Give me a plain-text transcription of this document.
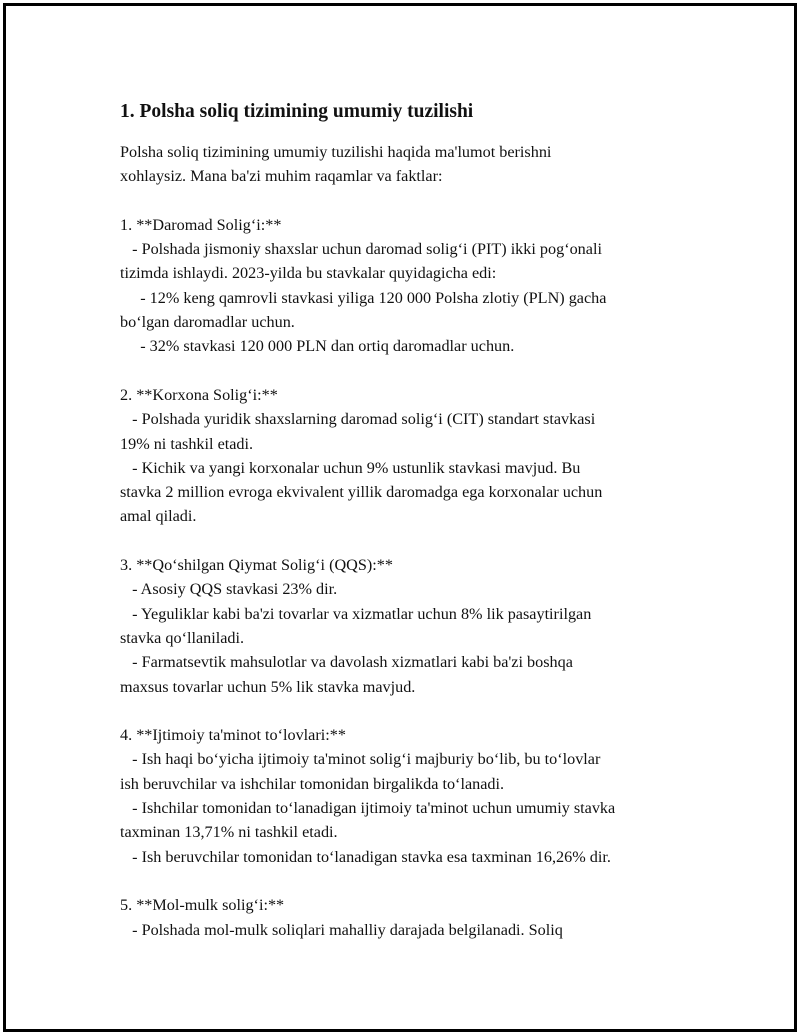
1. Polsha soliq tizimining umumiy tuzilishi

Polsha soliq tizimining umumiy tuzilishi haqida ma'lumot berishni
xohlaysiz. Mana ba'zi muhim raqamlar va faktlar:

1. **Daromad Solig‘i:**

- Polshada jismoniy shaxslar uchun daromad solig‘i (PIT) ikki pog‘onali
tizimda ishlaydi. 2023-yilda bu stavkalar quyidagicha edi:
- 12% keng qamrovli stavkasi yiliga 120 000 Polsha zlotiy (PLN) gacha
bo‘lgan daromadlar uchun.
- 32% stavkasi 120 000 PLN dan ortiq daromadlar uchun.

2. **Korxona Solig‘i:**

- Polshada yuridik shaxslarning daromad solig‘i (CIT) standart stavkasi
19% ni tashkil etadi.
- Kichik va yangi korxonalar uchun 9% ustunlik stavkasi mavjud. Bu
stavka 2 million evroga ekvivalent yillik daromadga ega korxonalar uchun
amal qiladi.

3. **Qo‘shilgan Qiymat Solig‘i (QQS):**

- Asosiy QQS stavkasi 23% dir.
- Yeguliklar kabi ba'zi tovarlar va xizmatlar uchun 8% lik pasaytirilgan
stavka qo‘llaniladi.
- Farmatsevtik mahsulotlar va davolash xizmatlari kabi ba'zi boshqa
maxsus tovarlar uchun 5% lik stavka mavjud.

4. **Ijtimoiy ta'minot to‘lovlari:**

- Ish haqi bo‘yicha ijtimoiy ta'minot solig‘i majburiy bo‘lib, bu to‘lovlar
ish beruvchilar va ishchilar tomonidan birgalikda to‘lanadi.
- Ishchilar tomonidan to‘lanadigan ijtimoiy ta'minot uchun umumiy stavka
taxminan 13,71% ni tashkil etadi.
- Ish beruvchilar tomonidan to‘lanadigan stavka esa taxminan 16,26% dir.

5. **Mol-mulk solig‘i:**

- Polshada mol-mulk soliqlari mahalliy darajada belgilanadi. Soliq
